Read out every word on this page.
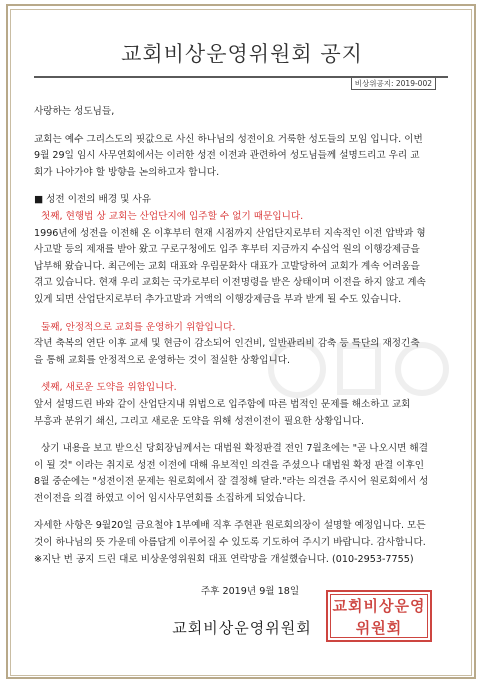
교회비상운영위원회 공지
비상위공지: 2019-002

사랑하는 성도님들,

교회는 예수 그리스도의 핏값으로 사신 하나님의 성전이요 거룩한 성도들의 모임 입니다. 이번

9월 29일 임시 사무연회에서는 이러한 성전 이전과 관련하여 성도님들께 설명드리고 우리 교

회가 나아가야 할 방향을 논의하고자 합니다.

■ 성전 이전의 배경 및 사유

첫째, 현행법 상 교회는 산업단지에 입주할 수 없기 때문입니다.

1996년에 성전을 이전해 온 이후부터 현재 시점까지 산업단지로부터 지속적인 이전 압박과 형

사고발 등의 제재를 받아 왔고 구로구청에도 입주 후부터 지금까지 수십억 원의 이행강제금을

납부해 왔습니다. 최근에는 교회 대표와 우림문화사 대표가 고발당하여 교회가 계속 어려움을

겪고 있습니다. 현재 우리 교회는 국가로부터 이전명령을 받은 상태이며 이전을 하지 않고 계속

있게 되면 산업단지로부터 추가고발과 거액의 이행강제금을 부과 받게 될 수도 있습니다.

둘째, 안정적으로 교회를 운영하기 위함입니다.

작년 축복의 연단 이후 교세 및 현금이 감소되어 인건비, 일반관리비 감축 등 특단의 재정긴축

을 통해 교회를 안정적으로 운영하는 것이 절실한 상황입니다.

셋째, 새로운 도약을 위함입니다.

앞서 설명드린 바와 같이 산업단지내 위법으로 입주함에 따른 법적인 문제를 해소하고 교회

부흥과 분위기 쇄신, 그리고 새로운 도약을 위해 성전이전이 필요한 상황입니다.

상기 내용을 보고 받으신 당회장님께서는 대법원 확정판결 전인 7월초에는 "곧 나오시면 해결

이 될 것" 이라는 취지로 성전 이전에 대해 유보적인 의견을 주셨으나 대법원 확정 판결 이후인

8월 중순에는 "성전이전 문제는 원로회에서 잘 결정해 달라."라는 의견을 주시어 원로회에서 성

전이전을 의결 하였고 이어 임시사무연회를 소집하게 되었습니다.

자세한 사항은 9월20일 금요철야 1부예배 직후 주현관 원로회의장이 설명할 예정입니다. 모든

것이 하나님의 뜻 가운데 아름답게 이루어질 수 있도록 기도하여 주시기 바랍니다. 감사합니다.

※지난 번 공지 드린 대로 비상운영위원회 대표 연락망을 개설했습니다. (010-2953-7755)

주후 2019년 9월 18일
교회비상운영위원회
교회비상운영위원회
